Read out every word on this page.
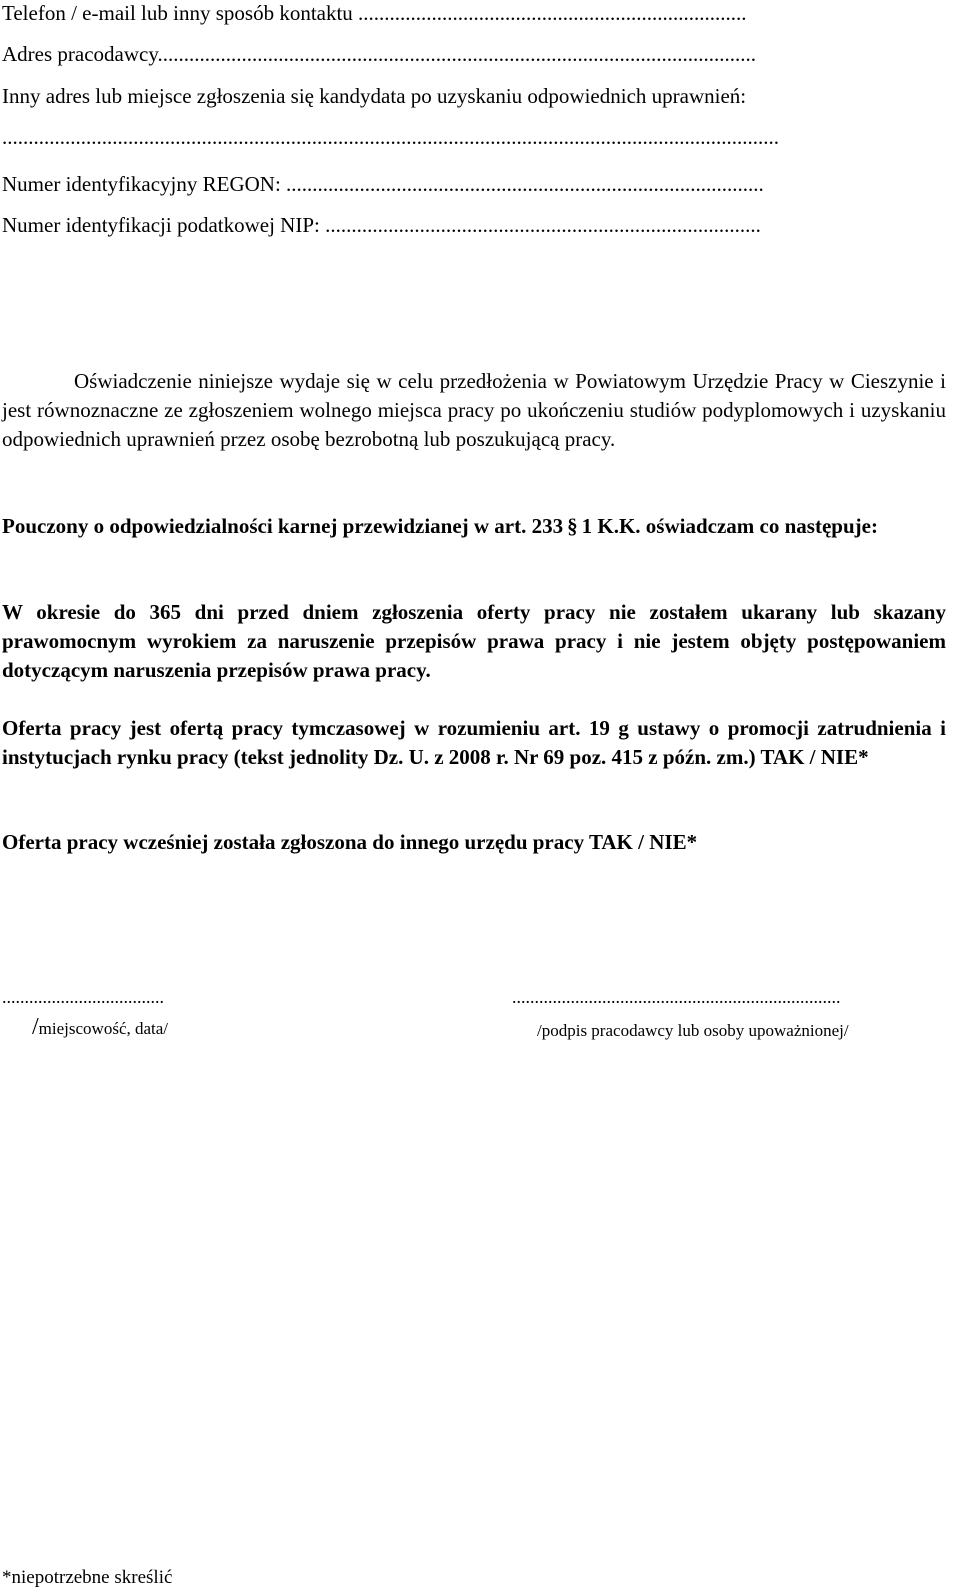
Telefon / e-mail lub inny sposób kontaktu ..........................................................................
Adres pracodawcy..................................................................................................................
Inny adres lub miejsce zgłoszenia się kandydata po uzyskaniu odpowiednich uprawnień:
....................................................................................................................................................
Numer identyfikacyjny REGON: ...........................................................................................
Numer identyfikacji podatkowej NIP: ...................................................................................
Oświadczenie niniejsze wydaje się w celu przedłożenia w Powiatowym Urzędzie Pracy w Cieszynie i jest równoznaczne ze zgłoszeniem wolnego miejsca pracy po ukończeniu studiów podyplomowych i uzyskaniu odpowiednich uprawnień przez osobę bezrobotną lub poszukującą pracy.
Pouczony o odpowiedzialności karnej przewidzianej w art. 233 § 1 K.K. oświadczam co następuje:
W okresie do 365 dni przed dniem zgłoszenia oferty pracy nie zostałem ukarany lub skazany prawomocnym wyrokiem za naruszenie przepisów prawa pracy i nie jestem objęty postępowaniem dotyczącym naruszenia przepisów prawa pracy.
Oferta pracy jest ofertą pracy tymczasowej w rozumieniu art. 19 g ustawy o promocji zatrudnienia i instytucjach rynku pracy (tekst jednolity Dz. U. z 2008 r. Nr 69 poz. 415 z późn. zm.) TAK / NIE*
Oferta pracy wcześniej została zgłoszona do innego urzędu pracy TAK / NIE*
....................................	.........................................................................
/miejscowość, data/	/podpis pracodawcy lub osoby upoważnionej/
*niepotrzebne skreślić
